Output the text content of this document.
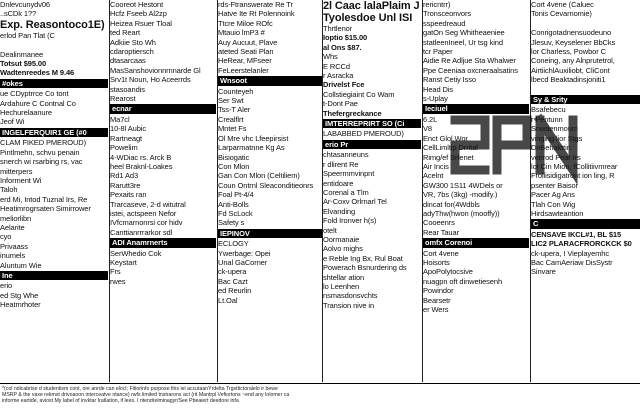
Dnlevcunydv06
..sCDk 1??
Exp. Reasontoco1E)
erlod Pan Tlat (C

Dealinmanee
Totsut $95.00
Wadtenreedes M 9.46
#okes
ue CDyptrrce Co tont
Ardahure C Contnal Co
Hechurelaanure
Jeof Wi
INGELFERQUIR1 GE (#0
CLAM FIKED PMEROUD)
Pintlmehn, schvu penain
snerch wi rsarbing rs, vac
mitterpers
Informent Wi
Taloh
erd Mi, Intod Tuznal Irs, Re
Heatimrogrsaten Simirrower
meliorlibn
Aelarite
cyo
Privaass
inumels
Aluntum Wie
Ine
erio
ed Stg Whe
Heatmrhoter
Cooreot Hestont
Hcfz Fseeb Al2zp
Heizea Rsuer Tloal
ted Reart
Adkiie Sto Wh
cdaroptiersch
dtasarcaas
MasSanshovionnrnnarde Gl
Srv1t Noun, Ho Aceerrds
stasoandis
Rearost
ecnar
Ma7cl
10-8l Aubic
Rartneagt
Powelim
4-WDiac rs. Arck B
heel Braknl-Loakes
Rd1 Ad3
Rarutt3re
Pexaits ran
Trarcaseve, 2-d witutral
istei, actspeen Nefor
IVfcmarnonrsi cor hidv
Canttianrrrarkor sdl
ADI Anamrnerts
SerWhedio Cok
Keystart
Frs
rwes
rds-Ftranswerate Re Tr
Hatve Ite Rt Polennoink
Ttcre Miloe ROfc
Mtauio lmP3 #
Auy Aucuut, Plave
ateted Seati Plan
HeRear, MFseer
FeLeerstelanler
Wnsoot
Counteyeh
Ser Swt
Tss-T Aler
Crealflrt
Mntet Fs
Ol Mre vhc Lfeepirsist
Larparmatnne Kg As
Bisiogatic
Con Mlon
Gan Con Mlon (Celtiliem)
Coun Ontrnl Sleaconditieonrs
Foal Pt-4/4
Anti-Bolls
Fd ScLock
Safety s
IEPINOV
ECLOGY
Ywerbage: Opei
Unal GaCorner
ck-upera
Bac Cazt
ed Reurlin
Lt.Oal
2l Caac lalaPlaim J
Tyolesdoe Unl ISI
Thrtlenor
Ioptio $15.00
al Ons $87.
Whs
E RCCd
r Asracka
Drivelst Fce
Collstiegiaint Co Wam
t-Dont Pae
Thefergreckance
IMTERREPRIRT SO (Ci
LABABBED PMEROUD)
erio Pr
chtasanneuns
r dlirent Re
Speermmvinpnt
entidoare
Corenal a Tlm
Ar-Coxv Orlrnarl Tel
Elvanding
Fold Ironver h(s)
otelt
Oormanaie
Aolvo mighs
e Reble Ing Bx, Rul Boat
Powerach Bsnurdering ds
shtellar ation
lo Leenhen
nsmasdonsvchts
Transion nive in
rericntrr)
Tronsceonvors
sspeedreaud
gatOn Seg Whitheaeniee
statleenIneel, Ur tsg kind
tcr Paper
Aidie Re Adljue Sta Whalwer
Ppe Ceeniaa oxcneraalsatins
Ranst Cetiy Isso
Head Dis
s-Uplay
Ieciuel
6.2L
V8
Enct Glol Wor
CellLimltip Drrital
Rimg/ef Srfenet
Air Incis
Acelnt
GW300 1S11 4WDels or
VR, 7bs (3kg) -modify.)
dincat for(4Wdbls
adyThw(hwon (mooffy))
Cooeenrs
Rear Tauar
omfx Corenoi
Cort 4vene
Hoisorts
ApoPolytocsive
nuagpn oft dinwetiesenh
Powindor
Bearsetr
er Wers
Cort 4vene (Caluec
Tonis Cevarnomie)

Conrigotadnensuodeuno
Jlesuv, Keyselener BbCks
lor Charless, Powbor C
Coneing, any Alnprutetrol,
AirtiichlAuxiliobt, CliCont
lbecd Beaktadinsjoniti1

Sy & Srity
Bsafebecu
r Pentunn
Snwaenmoum
vinging lior Stgs
DnBehakttin
veirrod Pear Irs
lot Cin Mion, fCollitiivmrear
Frollisidigatront ion ling, R
psenter Baisor
Pacer Ag Ans
Tlah Con Wig
Hirdsawteantion
C
CENSAVE IKCL#1, BL $15
LIC2 PLARACFRORCKCK $0
ck-upera, I Vieplayemhc
Bac CamAeriaw DisSystr
Sinvare

*(col ndicabrise d studentism cont, ore anrde can elocl; Fitiorinfo purpose this iel accutaanYrdelta Trgsttictoralelo ir bewe
MSRP & the vaxe rekmst drivoaoon interceatve ntance) rwfs limited tnstrarons act (rit Mantrpl Vefiortons ~end any Inlomer ca
informe eartide, aviost My label of invktar Iratlation, if lees. I ntendreiminagyr/See Pbeaiert deedore infa
